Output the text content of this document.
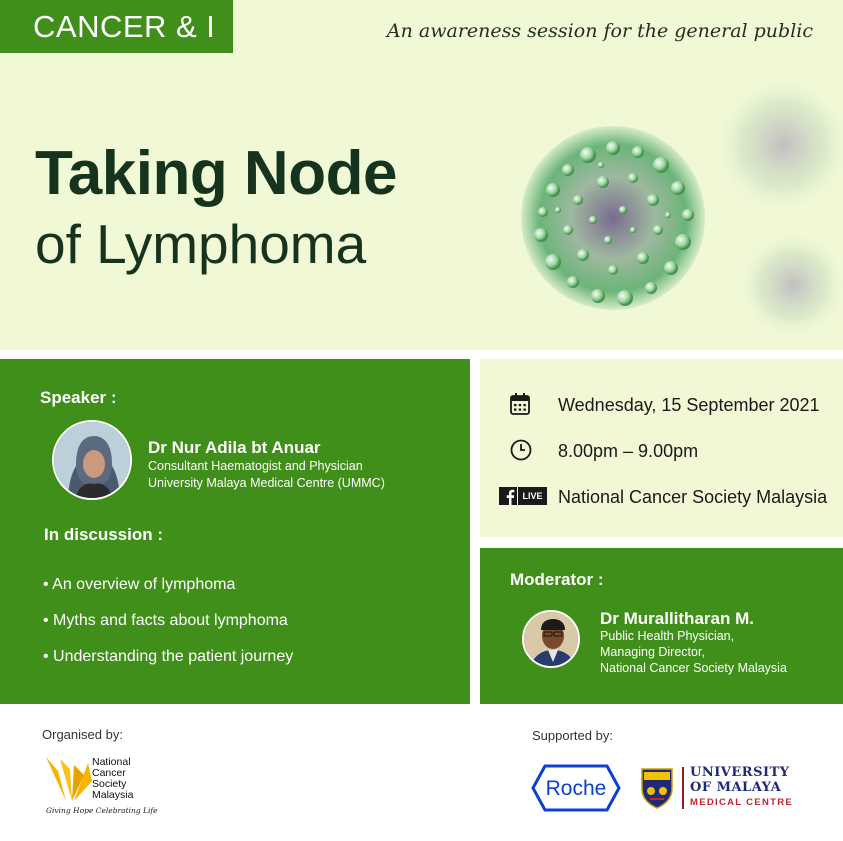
CANCER & I	An awareness session for the general public
Taking Node
of Lymphoma
Speaker :
Dr Nur Adila bt Anuar
Consultant Haematogist and Physician
University Malaya Medical Centre (UMMC)
In discussion :
• An overview of lymphoma
• Myths and facts about lymphoma
• Understanding the patient journey
Wednesday, 15 September 2021
8.00pm – 9.00pm
LIVE National Cancer Society Malaysia
Moderator :
Dr Murallitharan M.
Public Health Physician,
Managing Director,
National Cancer Society Malaysia
Organised by:	Supported by:
National
Cancer
Society
Malaysia
Giving Hope Celebrating Life
Roche
UNIVERSITY
OF MALAYA
MEDICAL CENTRE
